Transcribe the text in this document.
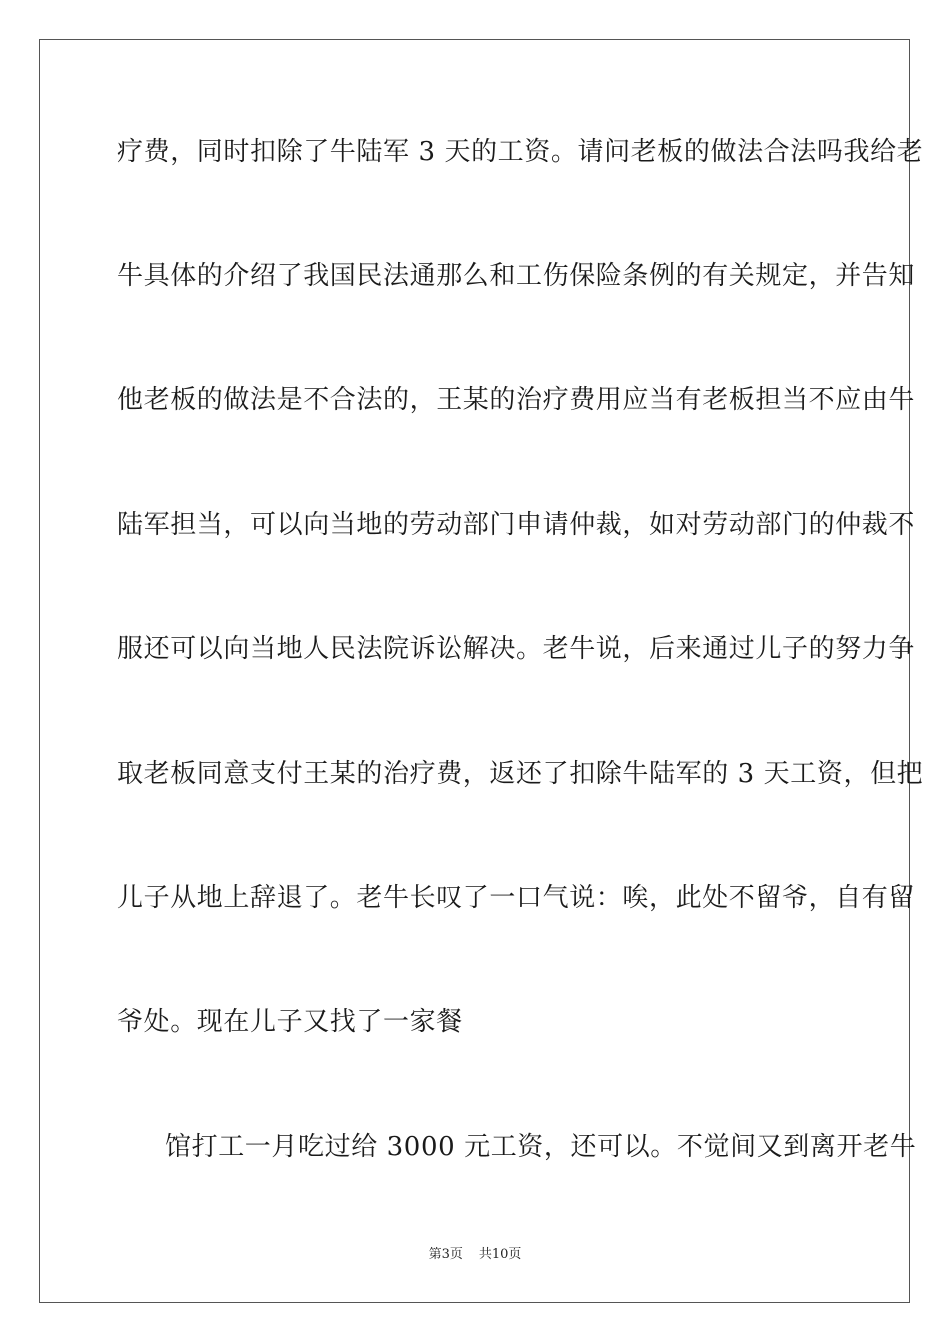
疗费，同时扣除了牛陆军 3 天的工资。请问老板的做法合法吗我给老
牛具体的介绍了我国民法通那么和工伤保险条例的有关规定，并告知
他老板的做法是不合法的，王某的治疗费用应当有老板担当不应由牛
陆军担当，可以向当地的劳动部门申请仲裁，如对劳动部门的仲裁不
服还可以向当地人民法院诉讼解决。老牛说，后来通过儿子的努力争
取老板同意支付王某的治疗费，返还了扣除牛陆军的 3 天工资，但把
儿子从地上辞退了。老牛长叹了一口气说：唉，此处不留爷，自有留
爷处。现在儿子又找了一家餐
馆打工一月吃过给 3000 元工资，还可以。不觉间又到离开老牛
第3页 共10页
